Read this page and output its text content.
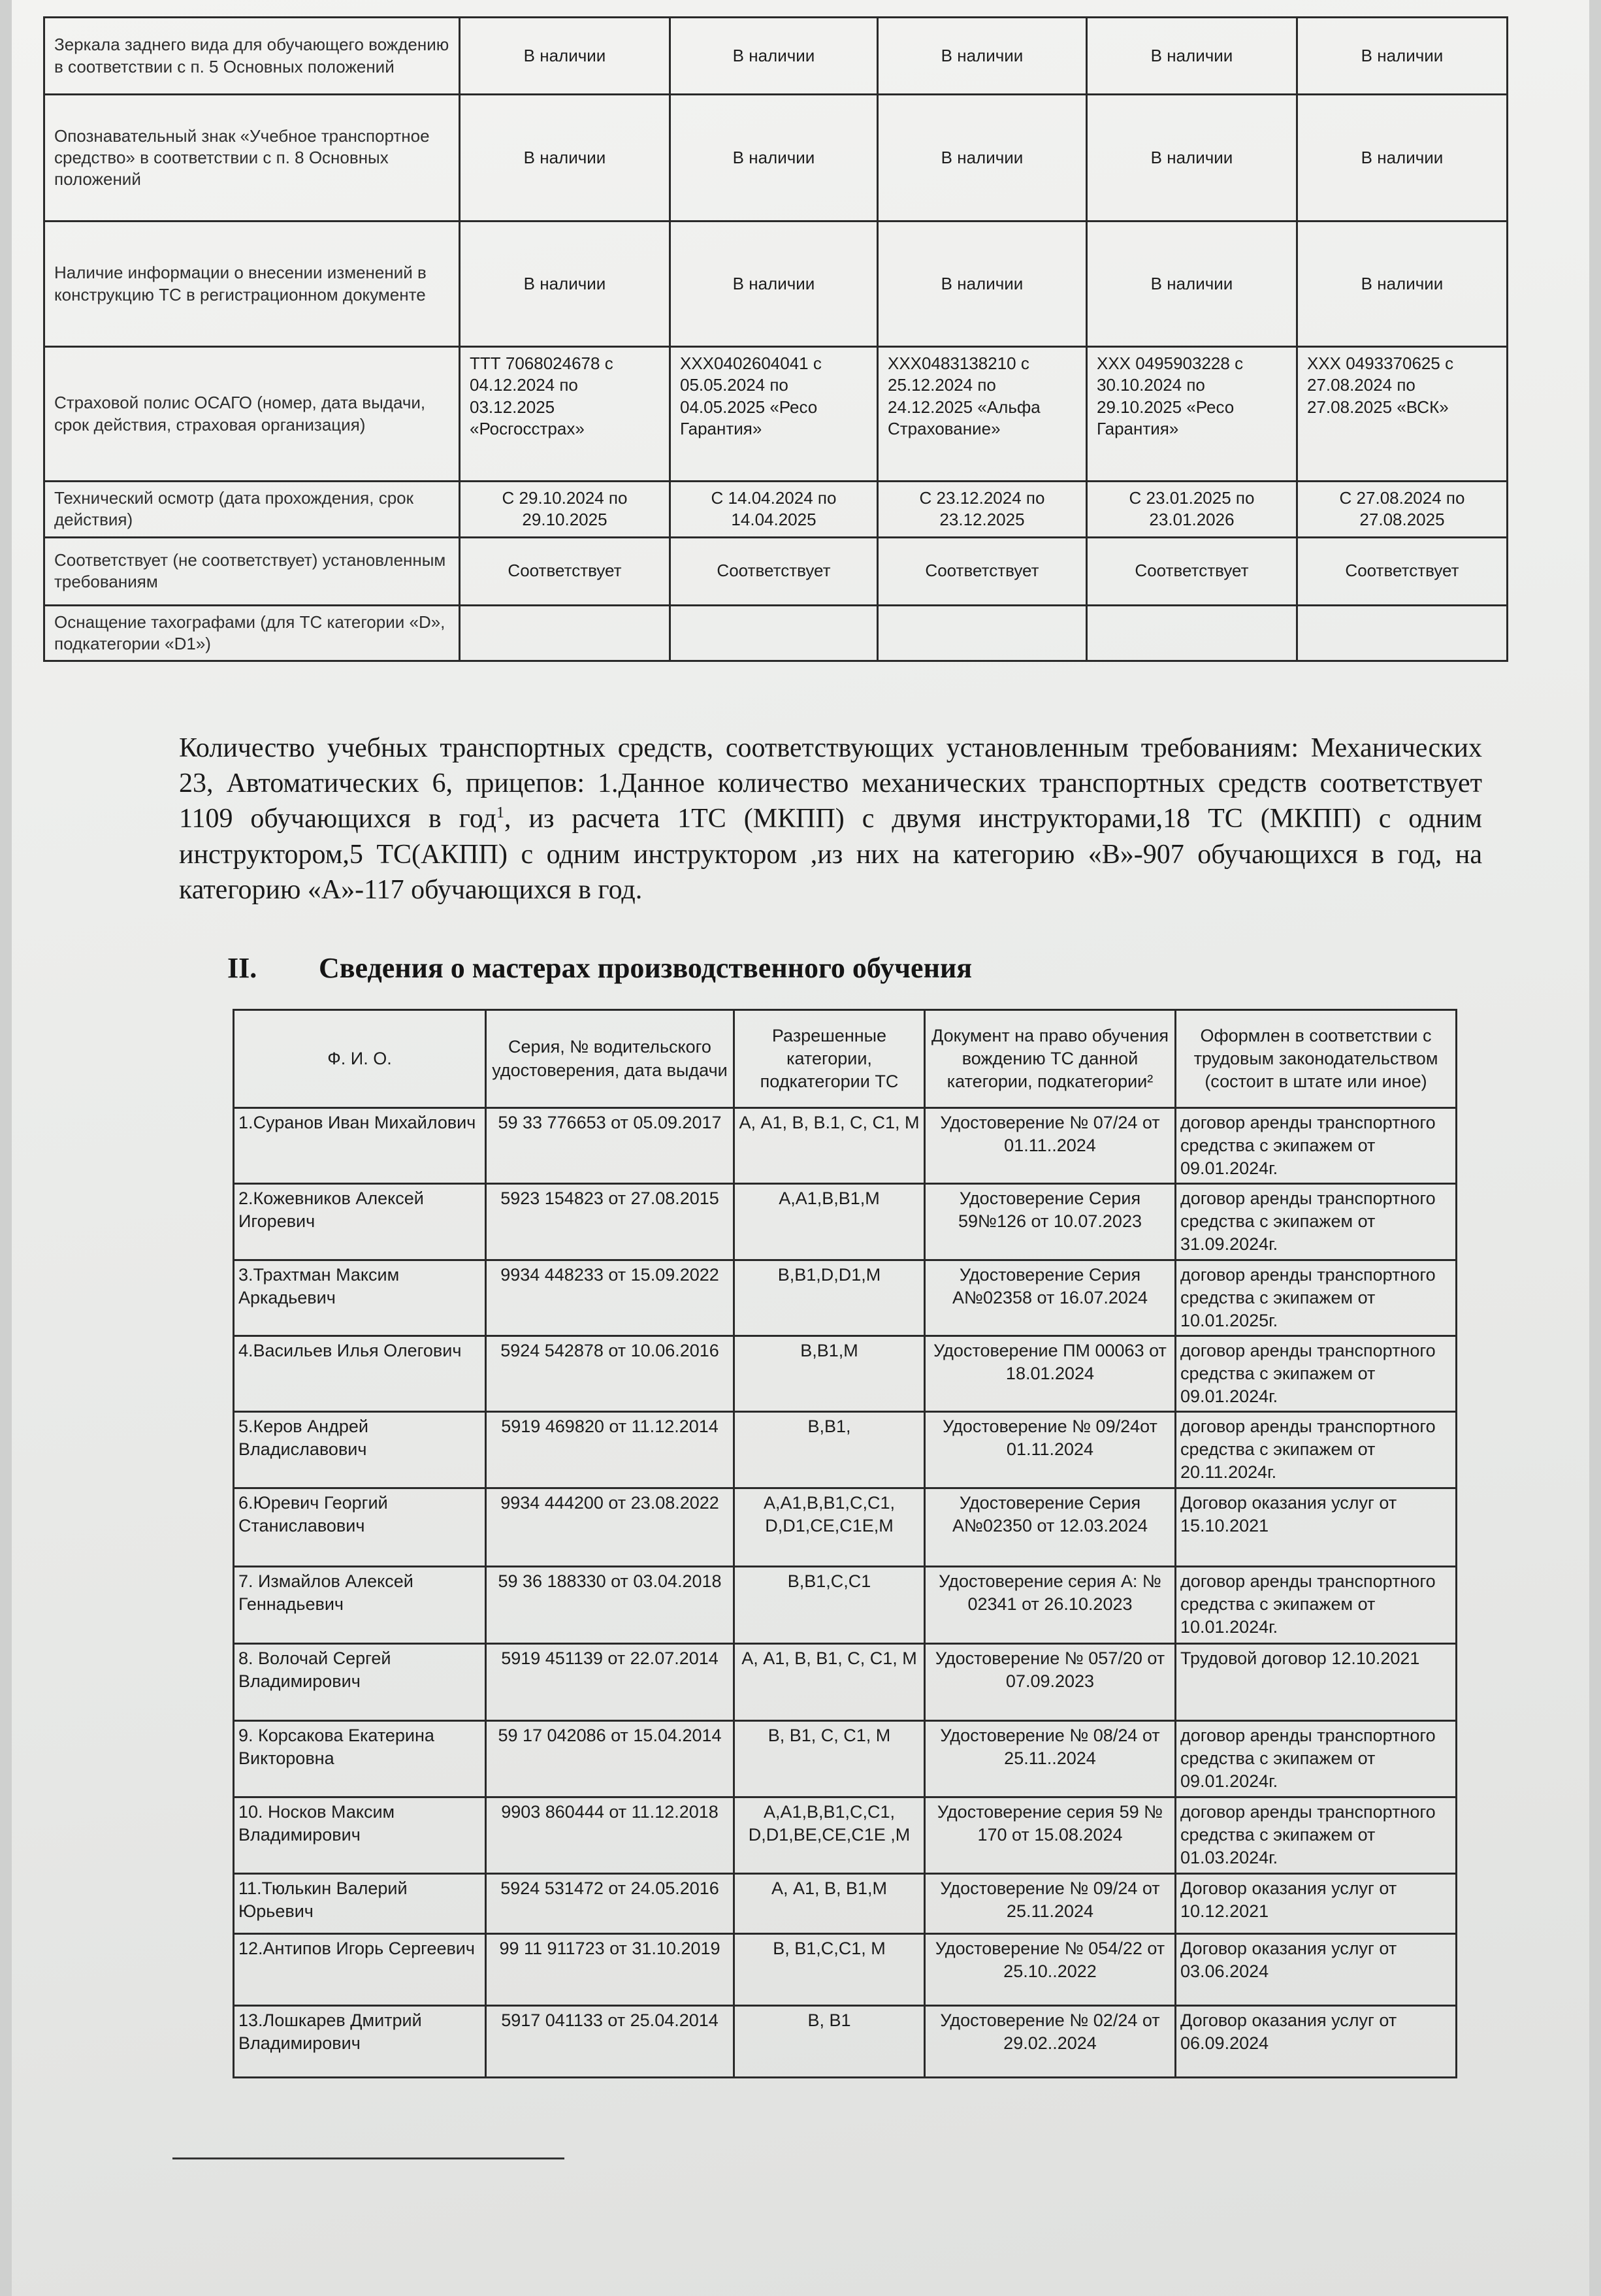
Зеркала заднего вида для обучающего вождению в соответствии с п. 5 Основных положений	В наличии	В наличии	В наличии	В наличии	В наличии
Опознавательный знак «Учебное транспортное средство» в соответствии с п. 8 Основных положений	В наличии	В наличии	В наличии	В наличии	В наличии
Наличие информации о внесении изменений в конструкцию ТС в регистрационном документе	В наличии	В наличии	В наличии	В наличии	В наличии
Страховой полис ОСАГО (номер, дата выдачи, срок действия, страховая организация)	ТТТ 7068024678 с 04.12.2024 по 03.12.2025 «Росгосстрах»	XXX0402604041 с 05.05.2024 по 04.05.2025 «Ресо Гарантия»	XXX0483138210 с 25.12.2024 по 24.12.2025 «Альфа Страхование»	XXX 0495903228 с 30.10.2024 по 29.10.2025 «Ресо Гарантия»	XXX 0493370625 с 27.08.2024 по 27.08.2025 «ВСК»
Технический осмотр (дата прохождения, срок действия)	С 29.10.2024 по 29.10.2025	С 14.04.2024 по 14.04.2025	С 23.12.2024 по 23.12.2025	С 23.01.2025 по 23.01.2026	С 27.08.2024 по 27.08.2025
Соответствует (не соответствует) установленным требованиям	Соответствует	Соответствует	Соответствует	Соответствует	Соответствует
Оснащение тахографами (для ТС категории «D», подкатегории «D1»)					

Количество учебных транспортных средств, соответствующих установленным требованиям: Механических 23, Автоматических 6, прицепов: 1.Данное количество механических транспортных средств соответствует 1109 обучающихся в год$^1$, из расчета 1ТС (МКПП) с двумя инструкторами,18 ТС (МКПП) с одним инструктором,5 ТС(АКПП) с одним инструктором ,из них на категорию «В»-907 обучающихся в год, на категорию «А»-117 обучающихся в год.

II. Сведения о мастерах производственного обучения
Ф. И. О.	Серия, № водительского удостоверения, дата выдачи	Разрешенные категории, подкатегории ТС	Документ на право обучения вождению ТС данной категории, подкатегории²	Оформлен в соответствии с трудовым законодательством (состоит в штате или иное)
1.Суранов Иван Михайлович	59 33 776653 от 05.09.2017	А, А1, В, В.1, С, С1, М	Удостоверение № 07/24 от 01.11..2024	договор аренды транспортного средства с экипажем от 09.01.2024г.
2.Кожевников Алексей Игоревич	5923 154823 от 27.08.2015	А,А1,В,В1,М	Удостоверение Серия 59№126 от 10.07.2023	договор аренды транспортного средства с экипажем от 31.09.2024г.
3.Трахтман Максим Аркадьевич	9934 448233 от 15.09.2022	В,В1,D,D1,М	Удостоверение Серия А№02358 от 16.07.2024	договор аренды транспортного средства с экипажем от 10.01.2025г.
4.Васильев Илья Олегович	5924 542878 от 10.06.2016	В,В1,М	Удостоверение ПМ 00063 от 18.01.2024	договор аренды транспортного средства с экипажем от 09.01.2024г.
5.Керов Андрей Владиславович	5919 469820 от 11.12.2014	В,В1,	Удостоверение № 09/24от 01.11.2024	договор аренды транспортного средства с экипажем от 20.11.2024г.
6.Юревич Георгий Станиславович	9934 444200 от 23.08.2022	А,А1,В,В1,С,С1, D,D1,CE,C1E,M	Удостоверение Серия А№02350 от 12.03.2024	Договор оказания услуг от 15.10.2021
7. Измайлов Алексей Геннадьевич	59 36 188330 от 03.04.2018	В,В1,С,С1	Удостоверение серия А: № 02341 от 26.10.2023	договор аренды транспортного средства с экипажем от 10.01.2024г.
8. Волочай Сергей Владимирович	5919 451139 от 22.07.2014	А, А1, В, В1, С, С1, М	Удостоверение № 057/20 от 07.09.2023	Трудовой договор 12.10.2021
9. Корсакова Екатерина Викторовна	59 17 042086 от 15.04.2014	В, В1, С, С1, М	Удостоверение № 08/24 от 25.11..2024	договор аренды транспортного средства с экипажем от 09.01.2024г.
10. Носков Максим Владимирович	9903 860444 от 11.12.2018	А,А1,В,В1,С,С1, D,D1,BE,CE,C1E ,M	Удостоверение серия 59 № 170 от 15.08.2024	договор аренды транспортного средства с экипажем от 01.03.2024г.
11.Тюлькин Валерий Юрьевич	5924 531472 от 24.05.2016	А, А1, В, В1,М	Удостоверение № 09/24 от 25.11.2024	Договор оказания услуг от 10.12.2021
12.Антипов Игорь Сергеевич	99 11 911723 от 31.10.2019	В, В1,С,С1, М	Удостоверение № 054/22 от 25.10..2022	Договор оказания услуг от 03.06.2024
13.Лошкарев Дмитрий Владимирович	5917 041133 от 25.04.2014	В, В1	Удостоверение № 02/24 от 29.02..2024	Договор оказания услуг от 06.09.2024
